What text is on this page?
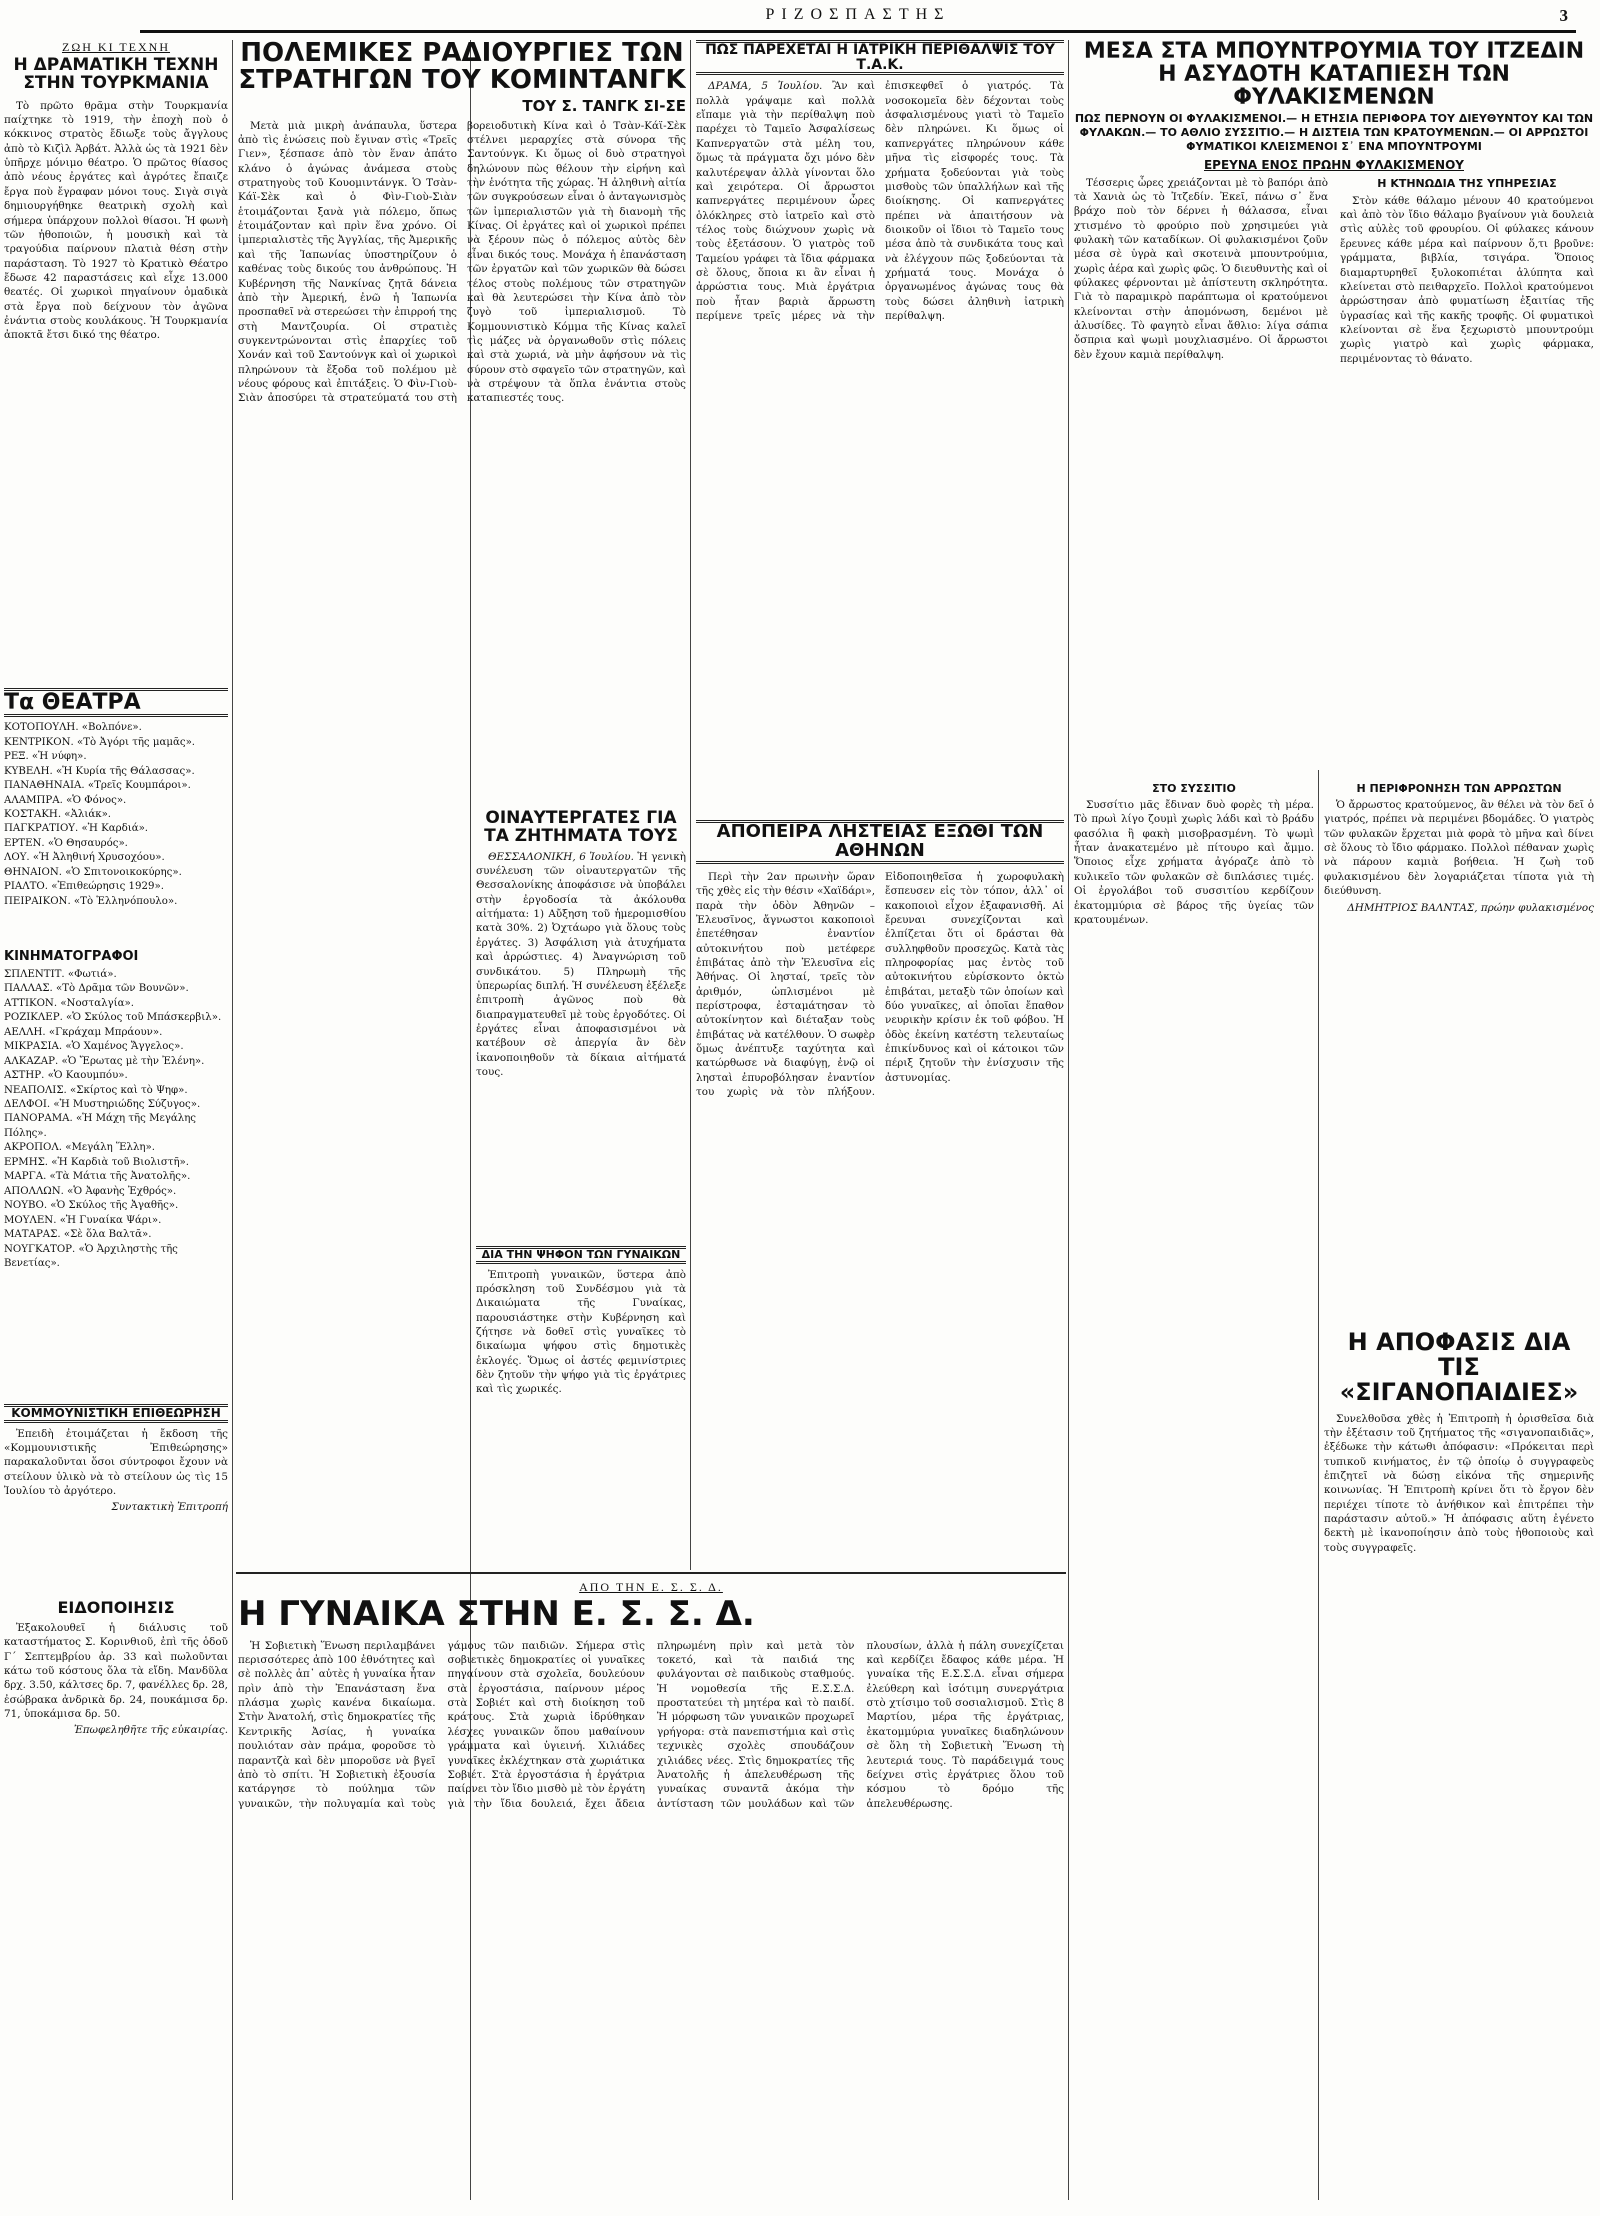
ΡΙΖΟΣΠΑΣΤΗΣ	3
ΖΩΗ ΚΙ ΤΕΧΝΗ
Η ΔΡΑΜΑΤΙΚΗ ΤΕΧΝΗ ΣΤΗΝ ΤΟΥΡΚΜΑΝΙΑ

Τὸ πρῶτο θρᾶμα στὴν Τουρκμανία παίχτηκε τὸ 1919, τὴν ἐποχὴ ποὺ ὁ κόκκινος στρατὸς ἔδιωξε τοὺς ἄγγλους ἀπὸ τὸ Κιζὶλ Ἀρβάτ. Ἀλλὰ ὡς τὰ 1921 δὲν ὑπῆρχε μόνιμο θέατρο. Ὁ πρῶτος θίασος ἀπὸ νέους ἐργάτες καὶ ἀγρότες ἔπαιζε ἔργα ποὺ ἔγραφαν μόνοι τους. Σιγὰ σιγὰ δημιουργήθηκε θεατρικὴ σχολὴ καὶ σήμερα ὑπάρχουν πολλοὶ θίασοι. Ἡ φωνὴ τῶν ἠθοποιῶν, ἡ μουσικὴ καὶ τὰ τραγούδια παίρνουν πλατιὰ θέση στὴν παράσταση. Τὸ 1927 τὸ Κρατικὸ Θέατρο ἔδωσε 42 παραστάσεις καὶ εἶχε 13.000 θεατές. Οἱ χωρικοὶ πηγαίνουν ὁμαδικὰ στὰ ἔργα ποὺ δείχνουν τὸν ἀγῶνα ἐνάντια στοὺς κουλάκους. Ἡ Τουρκμανία ἀποκτᾶ ἔτσι δικό της θέατρο.

Τα ΘΕΑΤΡΑ

ΚΟΤΟΠΟΥΛΗ. «Βολπόνε».

ΚΕΝΤΡΙΚΟΝ. «Τὸ Ἀγόρι τῆς μαμᾶς».

ΡΕΞ. «Ἡ νύφη».

ΚΥΒΕΛΗ. «Ἡ Κυρία τῆς Θάλασσας».

ΠΑΝΑΘΗΝΑΙΑ. «Τρεῖς Κουμπάροι».

ΑΛΑΜΠΡΑ. «Ὁ Φόνος».

ΚΟΣΤΑΚΗ. «Ἀλιάκ».

ΠΑΓΚΡΑΤΙΟΥ. «Ἡ Καρδιά».

ΕΡΤΕΝ. «Ὁ Θησαυρός».

ΛΟΥ. «Ἡ Ἀληθινή Χρυσοχόου».

ΘΗΝΑΙΟΝ. «Ὁ Σπιτονοικοκύρης».

ΡΙΑΛΤΟ. «Ἐπιθεώρησις 1929».

ΠΕΙΡΑΙΚΟΝ. «Τὸ Ἑλληνόπουλο».

ΚΙΝΗΜΑΤΟΓΡΑΦΟΙ

ΣΠΛΕΝΤΙΤ. «Φωτιά».

ΠΑΛΛΑΣ. «Τὸ Δρᾶμα τῶν Βουνῶν».

ΑΤΤΙΚΟΝ. «Νοσταλγία».

ΡΟΖΙΚΛΕΡ. «Ὁ Σκύλος τοῦ Μπάσκερβιλ».

ΑΕΛΛΗ. «Γκράχαμ Μπράουν».

ΜΙΚΡΑΣΙΑ. «Ὁ Χαμένος Ἄγγελος».

ΑΛΚΑΖΑΡ. «Ὁ Ἔρωτας μὲ τὴν Ἐλένη».

ΑΣΤΗΡ. «Ὁ Καουμπόυ».

ΝΕΑΠΟΛΙΣ. «Σκίρτος καὶ τὸ Ψηφ».

ΔΕΛΦΟΙ. «Ἡ Μυστηριώδης Σύζυγος».

ΠΑΝΟΡΑΜΑ. «Ἡ Μάχη τῆς Μεγάλης Πόλης».

ΑΚΡΟΠΟΛ. «Μεγάλη Ἕλλη».

ΕΡΜΗΣ. «Ἡ Καρδιὰ τοῦ Βιολιστῆ».

ΜΑΡΓΑ. «Τὰ Μάτια τῆς Ἀνατολῆς».

ΑΠΟΛΛΩΝ. «Ὁ Ἀφανὴς Ἐχθρός».

ΝΟΥΒΟ. «Ὁ Σκύλος τῆς Ἀγαθῆς».

ΜΟΥΛΕΝ. «Ἡ Γυναίκα Ψάρι».

ΜΑΤΑΡΑΣ. «Σὲ ὅλα Βαλτᾶ».

ΝΟΥΓΚΑΤΟΡ. «Ὁ Ἀρχιληστὴς τῆς Βενετίας».

ΚΟΜΜΟΥΝΙΣΤΙΚΗ ΕΠΙΘΕΩΡΗΣΗ

Ἐπειδὴ ἐτοιμάζεται ἡ ἔκδοση τῆς «Κομμουνιστικῆς Ἐπιθεώρησης» παρακαλοῦνται ὅσοι σύντροφοι ἔχουν νὰ στείλουν ὑλικὸ νὰ τὸ στείλουν ὡς τὶς 15 Ἰουλίου τὸ ἀργότερο.

Συντακτικὴ Ἐπιτροπή
ΕΙΔΟΠΟΙΗΣΙΣ

Ἐξακολουθεῖ ἡ διάλυσις τοῦ καταστήματος Σ. Κορινθιοῦ, ἐπὶ τῆς ὁδοῦ Γ΄ Σεπτεμβρίου ἀρ. 33 καὶ πωλοῦνται κάτω τοῦ κόστους ὅλα τὰ εἴδη. Μανδῦλα δρχ. 3.50, κάλτσες δρ. 7, φανέλλες δρ. 28, ἐσώβρακα ἀνδρικὰ δρ. 24, πουκάμισα δρ. 71, ὑποκάμισα δρ. 50.

Ἐπωφεληθῆτε τῆς εὐκαιρίας.
ΠΟΛΕΜΙΚΕΣ ΡΑΔΙΟΥΡΓΙΕΣ ΤΩΝ ΣΤΡΑΤΗΓΩΝ ΤΟΥ ΚΟΜΙΝΤΑΝΓΚ
ΤΟΥ Σ. ΤΑΝΓΚ ΣΙ-ΣΕ

Μετὰ μιὰ μικρὴ ἀνάπαυλα, ὕστερα ἀπὸ τὶς ἐνώσεις ποὺ ἔγιναν στὶς «Τρεῖς Γιεν», ξέσπασε ἀπὸ τὸν ἕναν ἀπάτο κλάνο ὁ ἀγώνας ἀνάμεσα στοὺς στρατηγοὺς τοῦ Κουομιντάνγκ. Ὁ Τσὰν-Κάϊ-Σὲκ καὶ ὁ Φὶν-Γιοὺ-Σιὰν ἑτοιμάζονται ξανὰ γιὰ πόλεμο, ὅπως ἑτοιμάζονταν καὶ πρὶν ἕνα χρόνο. Οἱ ἰμπεριαλιστὲς τῆς Ἀγγλίας, τῆς Ἀμερικῆς καὶ τῆς Ἰαπωνίας ὑποστηρίζουν ὁ καθένας τοὺς δικούς του ἀνθρώπους. Ἡ Κυβέρνηση τῆς Νανκίνας ζητᾶ δάνεια ἀπὸ τὴν Ἀμερική, ἐνῶ ἡ Ἰαπωνία προσπαθεῖ νὰ στερεώσει τὴν ἐπιρροή της στὴ Μαντζουρία. Οἱ στρατιὲς συγκεντρώνονται στὶς ἐπαρχίες τοῦ Χονάν καὶ τοῦ Σαντούνγκ καὶ οἱ χωρικοὶ πληρώνουν τὰ ἔξοδα τοῦ πολέμου μὲ νέους φόρους καὶ ἐπιτάξεις. Ὁ Φὶν-Γιοὺ-Σιὰν ἀποσύρει τὰ στρατεύματά του στὴ βορειοδυτικὴ Κίνα καὶ ὁ Τσὰν-Κάϊ-Σὲκ στέλνει μεραρχίες στὰ σύνορα τῆς Σαντούνγκ. Κι ὅμως οἱ δυὸ στρατηγοὶ δηλώνουν πὼς θέλουν τὴν εἰρήνη καὶ τὴν ἑνότητα τῆς χώρας. Ἡ ἀληθινὴ αἰτία τῶν συγκρούσεων εἶναι ὁ ἀνταγωνισμὸς τῶν ἰμπεριαλιστῶν γιὰ τὴ διανομὴ τῆς Κίνας. Οἱ ἐργάτες καὶ οἱ χωρικοὶ πρέπει νὰ ξέρουν πὼς ὁ πόλεμος αὐτὸς δὲν εἶναι δικός τους. Μονάχα ἡ ἐπανάσταση τῶν ἐργατῶν καὶ τῶν χωρικῶν θὰ δώσει τέλος στοὺς πολέμους τῶν στρατηγῶν καὶ θὰ λευτερώσει τὴν Κίνα ἀπὸ τὸν ζυγὸ τοῦ ἰμπεριαλισμοῦ. Τὸ Κομμουνιστικὸ Κόμμα τῆς Κίνας καλεῖ τὶς μάζες νὰ ὀργανωθοῦν στὶς πόλεις καὶ στὰ χωριά, νὰ μὴν ἀφήσουν νὰ τὶς σύρουν στὸ σφαγεῖο τῶν στρατηγῶν, καὶ νὰ στρέψουν τὰ ὅπλα ἐνάντια στοὺς καταπιεστές τους.

ΟΙΝΑΥΤΕΡΓΑΤΕΣ ΓΙΑ ΤΑ ΖΗΤΗΜΑΤΑ ΤΟΥΣ

ΘΕΣΣΑΛΟΝΙΚΗ, 6 Ἰουλίου. Ἡ γενικὴ συνέλευση τῶν οἰναυτεργατῶν τῆς Θεσσαλονίκης ἀποφάσισε νὰ ὑποβάλει στὴν ἐργοδοσία τὰ ἀκόλουθα αἰτήματα: 1) Αὔξηση τοῦ ἡμερομισθίου κατὰ 30%. 2) Ὀχτάωρο γιὰ ὅλους τοὺς ἐργάτες. 3) Ἀσφάλιση γιὰ ἀτυχήματα καὶ ἀρρώστιες. 4) Ἀναγνώριση τοῦ συνδικάτου. 5) Πληρωμὴ τῆς ὑπερωρίας διπλή. Ἡ συνέλευση ἐξέλεξε ἐπιτροπὴ ἀγῶνος ποὺ θὰ διαπραγματευθεῖ μὲ τοὺς ἐργοδότες. Οἱ ἐργάτες εἶναι ἀποφασισμένοι νὰ κατέβουν σὲ ἀπεργία ἂν δὲν ἱκανοποιηθοῦν τὰ δίκαια αἰτήματά τους.

ΔΙΑ ΤΗΝ ΨΗΦΟΝ ΤΩΝ ΓΥΝΑΙΚΩΝ

Ἐπιτροπὴ γυναικῶν, ὕστερα ἀπὸ πρόσκληση τοῦ Συνδέσμου γιὰ τὰ Δικαιώματα τῆς Γυναίκας, παρουσιάστηκε στὴν Κυβέρνηση καὶ ζήτησε νὰ δοθεῖ στὶς γυναῖκες τὸ δικαίωμα ψήφου στὶς δημοτικὲς ἐκλογές. Ὅμως οἱ ἀστές φεμινίστριες δὲν ζητοῦν τὴν ψήφο γιὰ τὶς ἐργάτριες καὶ τὶς χωρικές.

ΠΩΣ ΠΑΡΕΧΕΤΑΙ Η ΙΑΤΡΙΚΗ ΠΕΡΙΘΑΛΨΙΣ ΤΟΥ Τ.Α.Κ.

ΔΡΑΜΑ, 5 Ἰουλίου. Ἂν καὶ πολλὰ γράψαμε καὶ πολλὰ εἴπαμε γιὰ τὴν περίθαλψη ποὺ παρέχει τὸ Ταμεῖο Ἀσφαλίσεως Καπνεργατῶν στὰ μέλη του, ὅμως τὰ πράγματα ὄχι μόνο δὲν καλυτέρεψαν ἀλλὰ γίνονται ὅλο καὶ χειρότερα. Οἱ ἄρρωστοι καπνεργάτες περιμένουν ὧρες ὁλόκληρες στὸ ἰατρεῖο καὶ στὸ τέλος τοὺς διώχνουν χωρὶς νὰ τοὺς ἐξετάσουν. Ὁ γιατρὸς τοῦ Ταμείου γράφει τὰ ἴδια φάρμακα σὲ ὅλους, ὅποια κι ἂν εἶναι ἡ ἀρρώστια τους. Μιὰ ἐργάτρια ποὺ ἦταν βαριὰ ἄρρωστη περίμενε τρεῖς μέρες νὰ τὴν ἐπισκεφθεῖ ὁ γιατρός. Τὰ νοσοκομεῖα δὲν δέχονται τοὺς ἀσφαλισμένους γιατὶ τὸ Ταμεῖο δὲν πληρώνει. Κι ὅμως οἱ καπνεργάτες πληρώνουν κάθε μῆνα τὶς εἰσφορές τους. Τὰ χρήματα ξοδεύονται γιὰ τοὺς μισθοὺς τῶν ὑπαλλήλων καὶ τῆς διοίκησης. Οἱ καπνεργάτες πρέπει νὰ ἀπαιτήσουν νὰ διοικοῦν οἱ ἴδιοι τὸ Ταμεῖο τους μέσα ἀπὸ τὰ συνδικάτα τους καὶ νὰ ἐλέγχουν πῶς ξοδεύονται τὰ χρήματά τους. Μονάχα ὁ ὀργανωμένος ἀγώνας τους θὰ τοὺς δώσει ἀληθινὴ ἰατρικὴ περίθαλψη.

ΑΠΟΠΕΙΡΑ ΛΗΣΤΕΙΑΣ ΕΞΩΘΙ ΤΩΝ ΑΘΗΝΩΝ

Περὶ τὴν 2αν πρωινὴν ὥραν τῆς χθὲς εἰς τὴν θέσιν «Χαϊδάρι», παρὰ τὴν ὁδὸν Ἀθηνῶν – Ἐλευσῖνος, ἄγνωστοι κακοποιοὶ ἐπετέθησαν ἐναντίον αὐτοκινήτου ποὺ μετέφερε ἐπιβάτας ἀπὸ τὴν Ἐλευσῖνα εἰς Ἀθήνας. Οἱ λησταί, τρεῖς τὸν ἀριθμόν, ὡπλισμένοι μὲ περίστροφα, ἐσταμάτησαν τὸ αὐτοκίνητον καὶ διέταξαν τοὺς ἐπιβάτας νὰ κατέλθουν. Ὁ σωφὲρ ὅμως ἀνέπτυξε ταχύτητα καὶ κατώρθωσε νὰ διαφύγῃ, ἐνῷ οἱ λησταὶ ἐπυροβόλησαν ἐναντίον του χωρὶς νὰ τὸν πλήξουν. Εἰδοποιηθεῖσα ἡ χωροφυλακὴ ἔσπευσεν εἰς τὸν τόπον, ἀλλ᾽ οἱ κακοποιοὶ εἶχον ἐξαφανισθῆ. Αἱ ἔρευναι συνεχίζονται καὶ ἐλπίζεται ὅτι οἱ δράσται θὰ συλληφθοῦν προσεχῶς. Κατὰ τὰς πληροφορίας μας ἐντὸς τοῦ αὐτοκινήτου εὑρίσκοντο ὀκτὼ ἐπιβάται, μεταξὺ τῶν ὁποίων καὶ δύο γυναῖκες, αἱ ὁποῖαι ἔπαθον νευρικὴν κρίσιν ἐκ τοῦ φόβου. Ἡ ὁδὸς ἐκείνη κατέστη τελευταίως ἐπικίνδυνος καὶ οἱ κάτοικοι τῶν πέριξ ζητοῦν τὴν ἐνίσχυσιν τῆς ἀστυνομίας.

ΑΠΟ ΤΗΝ Ε. Σ. Σ. Δ.
Η ΓΥΝΑΙΚΑ ΣΤΗΝ Ε. Σ. Σ. Δ.

Ἡ Σοβιετικὴ Ἕνωση περιλαμβάνει περισσότερες ἀπὸ 100 ἐθνότητες καὶ σὲ πολλὲς ἀπ᾽ αὐτὲς ἡ γυναίκα ἦταν πρὶν ἀπὸ τὴν Ἐπανάσταση ἕνα πλάσμα χωρὶς κανένα δικαίωμα. Στὴν Ἀνατολή, στὶς δημοκρατίες τῆς Κεντρικῆς Ἀσίας, ἡ γυναίκα πουλιόταν σὰν πράμα, φοροῦσε τὸ παραντζὰ καὶ δὲν μποροῦσε νὰ βγεῖ ἀπὸ τὸ σπίτι. Ἡ Σοβιετικὴ ἐξουσία κατάργησε τὸ πούλημα τῶν γυναικῶν, τὴν πολυγαμία καὶ τοὺς γάμους τῶν παιδιῶν. Σήμερα στὶς σοβιετικὲς δημοκρατίες οἱ γυναῖκες πηγαίνουν στὰ σχολεῖα, δουλεύουν στὰ ἐργοστάσια, παίρνουν μέρος στὰ Σοβιέτ καὶ στὴ διοίκηση τοῦ κράτους. Στὰ χωριὰ ἱδρύθηκαν λέσχες γυναικῶν ὅπου μαθαίνουν γράμματα καὶ ὑγιεινή. Χιλιάδες γυναῖκες ἐκλέχτηκαν στὰ χωριάτικα Σοβιέτ. Στὰ ἐργοστάσια ἡ ἐργάτρια παίρνει τὸν ἴδιο μισθὸ μὲ τὸν ἐργάτη γιὰ τὴν ἴδια δουλειά, ἔχει ἄδεια πληρωμένη πρὶν καὶ μετὰ τὸν τοκετό, καὶ τὰ παιδιά της φυλάγονται σὲ παιδικοὺς σταθμούς. Ἡ νομοθεσία τῆς Ε.Σ.Σ.Δ. προστατεύει τὴ μητέρα καὶ τὸ παιδί. Ἡ μόρφωση τῶν γυναικῶν προχωρεῖ γρήγορα: στὰ πανεπιστήμια καὶ στὶς τεχνικὲς σχολὲς σπουδάζουν χιλιάδες νέες. Στὶς δημοκρατίες τῆς Ἀνατολῆς ἡ ἀπελευθέρωση τῆς γυναίκας συναντᾶ ἀκόμα τὴν ἀντίσταση τῶν μουλάδων καὶ τῶν πλουσίων, ἀλλὰ ἡ πάλη συνεχίζεται καὶ κερδίζει ἔδαφος κάθε μέρα. Ἡ γυναίκα τῆς Ε.Σ.Σ.Δ. εἶναι σήμερα ἐλεύθερη καὶ ἰσότιμη συνεργάτρια στὸ χτίσιμο τοῦ σοσιαλισμοῦ. Στὶς 8 Μαρτίου, μέρα τῆς ἐργάτριας, ἑκατομμύρια γυναῖκες διαδηλώνουν σὲ ὅλη τὴ Σοβιετικὴ Ἕνωση τὴ λευτεριά τους. Τὸ παράδειγμά τους δείχνει στὶς ἐργάτριες ὅλου τοῦ κόσμου τὸ δρόμο τῆς ἀπελευθέρωσης.

ΜΕΣΑ ΣΤΑ ΜΠΟΥΝΤΡΟΥΜΙΑ ΤΟΥ ΙΤΖΕΔΙΝ Η ΑΣΥΔΟΤΗ ΚΑΤΑΠΙΕΣΗ ΤΩΝ ΦΥΛΑΚΙΣΜΕΝΩΝ
ΠΩΣ ΠΕΡΝΟΥΝ ΟΙ ΦΥΛΑΚΙΣΜΕΝΟΙ.— Η ΕΤΗΣΙΑ ΠΕΡΙΦΟΡΑ ΤΟΥ ΔΙΕΥΘΥΝΤΟΥ ΚΑΙ ΤΩΝ ΦΥΛΑΚΩΝ.— ΤΟ ΑΘΛΙΟ ΣΥΣΣΙΤΙΟ.— Η ΔΙΣΤΕΙΑ ΤΩΝ ΚΡΑΤΟΥΜΕΝΩΝ.— ΟΙ ΑΡΡΩΣΤΟΙ ΦΥΜΑΤΙΚΟΙ ΚΛΕΙΣΜΕΝΟΙ Σ᾽ ΕΝΑ ΜΠΟΥΝΤΡΟΥΜΙ
ΕΡΕΥΝΑ ΕΝΟΣ ΠΡΩΗΝ ΦΥΛΑΚΙΣΜΕΝΟΥ

Τέσσερις ὧρες χρειάζονται μὲ τὸ βαπόρι ἀπὸ τὰ Χανιὰ ὡς τὸ Ἰτζεδίν. Ἐκεῖ, πάνω σ᾽ ἕνα βράχο ποὺ τὸν δέρνει ἡ θάλασσα, εἶναι χτισμένο τὸ φρούριο ποὺ χρησιμεύει γιὰ φυλακὴ τῶν καταδίκων. Οἱ φυλακισμένοι ζοῦν μέσα σὲ ὑγρὰ καὶ σκοτεινὰ μπουντρούμια, χωρὶς ἀέρα καὶ χωρὶς φῶς. Ὁ διευθυντὴς καὶ οἱ φύλακες φέρνονται μὲ ἀπίστευτη σκληρότητα. Γιὰ τὸ παραμικρὸ παράπτωμα οἱ κρατούμενοι κλείνονται στὴν ἀπομόνωση, δεμένοι μὲ ἁλυσίδες. Τὸ φαγητὸ εἶναι ἄθλιο: λίγα σάπια ὄσπρια καὶ ψωμὶ μουχλιασμένο. Οἱ ἄρρωστοι δὲν ἔχουν καμιὰ περίθαλψη.

Η ΚΤΗΝΩΔΙΑ ΤΗΣ ΥΠΗΡΕΣΙΑΣ

Στὸν κάθε θάλαμο μένουν 40 κρατούμενοι καὶ ἀπὸ τὸν ἴδιο θάλαμο βγαίνουν γιὰ δουλειὰ στὶς αὐλὲς τοῦ φρουρίου. Οἱ φύλακες κάνουν ἔρευνες κάθε μέρα καὶ παίρνουν ὅ,τι βροῦνε: γράμματα, βιβλία, τσιγάρα. Ὅποιος διαμαρτυρηθεῖ ξυλοκοπιέται ἀλύπητα καὶ κλείνεται στὸ πειθαρχεῖο. Πολλοὶ κρατούμενοι ἀρρώστησαν ἀπὸ φυματίωση ἐξαιτίας τῆς ὑγρασίας καὶ τῆς κακῆς τροφῆς. Οἱ φυματικοὶ κλείνονται σὲ ἕνα ξεχωριστὸ μπουντρούμι χωρὶς γιατρὸ καὶ χωρὶς φάρμακα, περιμένοντας τὸ θάνατο.

ΣΤΟ ΣΥΣΣΙΤΙΟ

Συσσίτιο μᾶς ἔδιναν δυὸ φορὲς τὴ μέρα. Τὸ πρωὶ λίγο ζουμὶ χωρὶς λάδι καὶ τὸ βράδυ φασόλια ἢ φακὴ μισοβρασμένη. Τὸ ψωμὶ ἦταν ἀνακατεμένο μὲ πίτουρο καὶ ἄμμο. Ὅποιος εἶχε χρήματα ἀγόραζε ἀπὸ τὸ κυλικεῖο τῶν φυλακῶν σὲ διπλάσιες τιμές. Οἱ ἐργολάβοι τοῦ συσσιτίου κερδίζουν ἑκατομμύρια σὲ βάρος τῆς ὑγείας τῶν κρατουμένων.

Η ΠΕΡΙΦΡΟΝΗΣΗ ΤΩΝ ΑΡΡΩΣΤΩΝ

Ὁ ἄρρωστος κρατούμενος, ἂν θέλει νὰ τὸν δεῖ ὁ γιατρός, πρέπει νὰ περιμένει βδομάδες. Ὁ γιατρὸς τῶν φυλακῶν ἔρχεται μιὰ φορὰ τὸ μῆνα καὶ δίνει σὲ ὅλους τὸ ἴδιο φάρμακο. Πολλοὶ πέθαναν χωρὶς νὰ πάρουν καμιὰ βοήθεια. Ἡ ζωὴ τοῦ φυλακισμένου δὲν λογαριάζεται τίποτα γιὰ τὴ διεύθυνση.

ΔΗΜΗΤΡΙΟΣ ΒΑΛΝΤΑΣ, πρώην φυλακισμένος
Η ΑΠΟΦΑΣΙΣ ΔΙΑ ΤΙΣ «ΣΙΓΑΝΟΠΑΙΔΙΕΣ»

Συνελθοῦσα χθὲς ἡ Ἐπιτροπὴ ἡ ὁρισθεῖσα διὰ τὴν ἐξέτασιν τοῦ ζητήματος τῆς «σιγανοπαιδιᾶς», ἐξέδωκε τὴν κάτωθι ἀπόφασιν: «Πρόκειται περὶ τυπικοῦ κινήματος, ἐν τῷ ὁποίῳ ὁ συγγραφεὺς ἐπιζητεῖ νὰ δώσῃ εἰκόνα τῆς σημερινῆς κοινωνίας. Ἡ Ἐπιτροπὴ κρίνει ὅτι τὸ ἔργον δὲν περιέχει τίποτε τὸ ἀνήθικον καὶ ἐπιτρέπει τὴν παράστασιν αὐτοῦ.» Ἡ ἀπόφασις αὕτη ἐγένετο δεκτὴ μὲ ἱκανοποίησιν ἀπὸ τοὺς ἠθοποιοὺς καὶ τοὺς συγγραφεῖς.
